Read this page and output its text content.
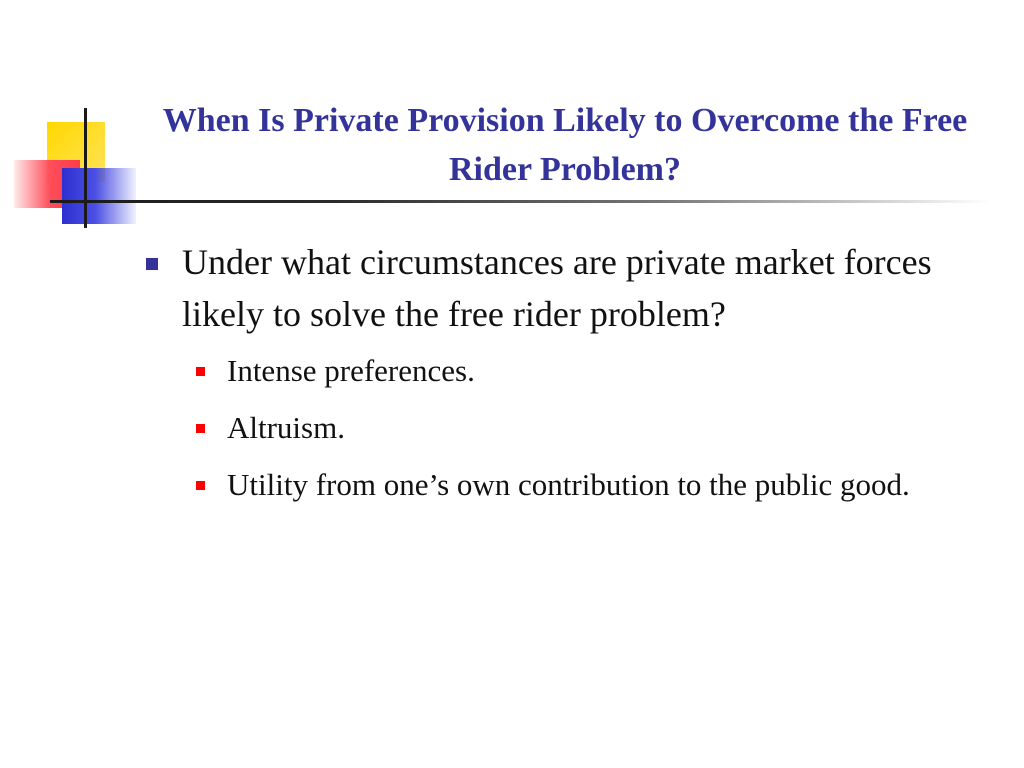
When Is Private Provision Likely to Overcome the Free Rider Problem?
Under what circumstances are private market forces likely to solve the free rider problem?
Intense preferences.
Altruism.
Utility from one’s own contribution to the public good.
